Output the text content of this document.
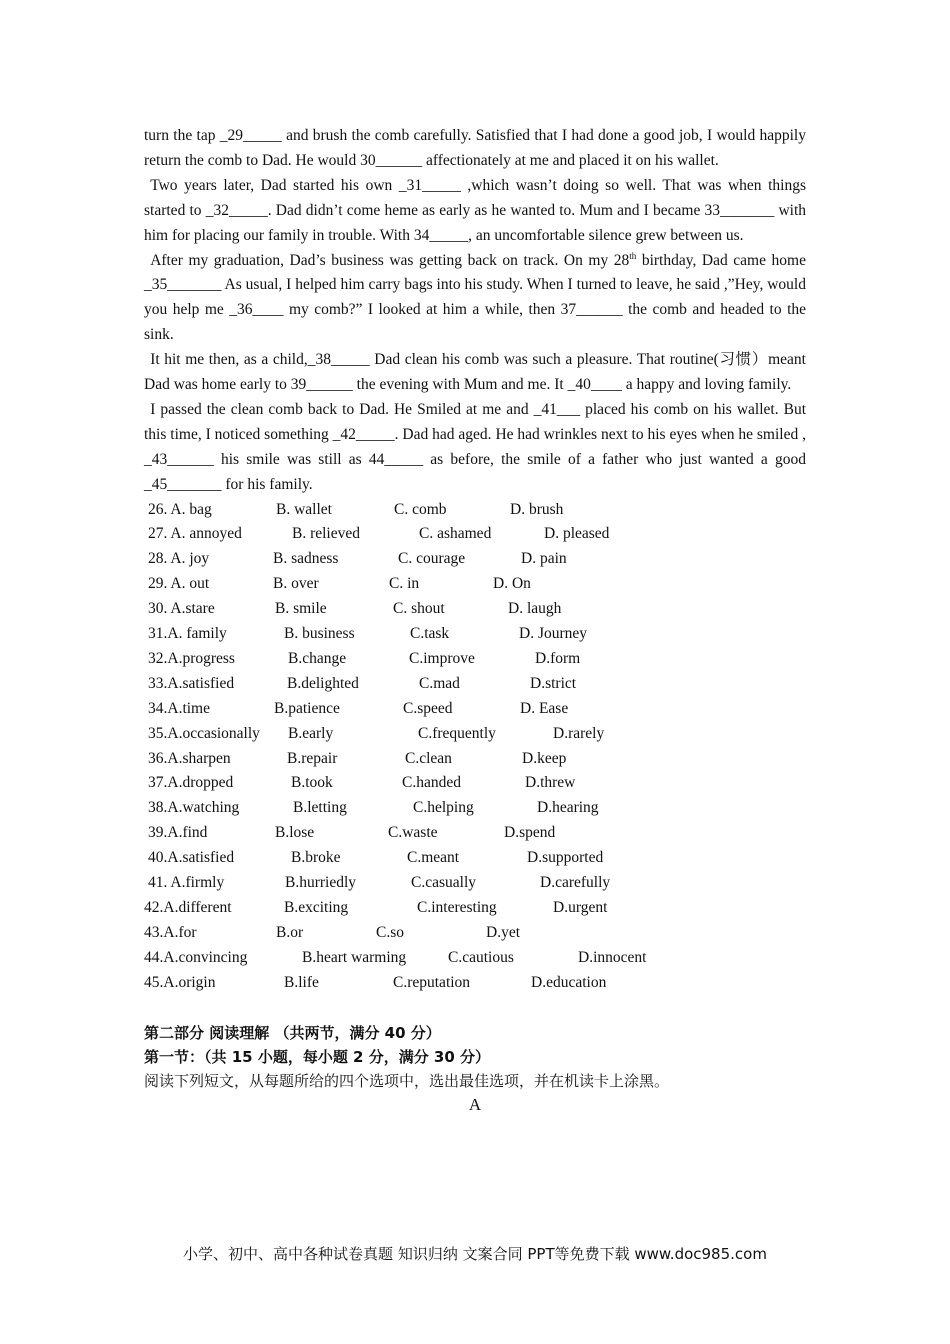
turn the tap _29_____ and brush the comb carefully. Satisfied that I had done a good job, I would happily return the comb to Dad. He would 30______ affectionately at me and placed it on his wallet.

Two years later, Dad started his own _31_____ ,which wasn’t doing so well. That was when things started to _32_____. Dad didn’t come heme as early as he wanted to. Mum and I became 33_______ with him for placing our family in trouble. With 34_____, an uncomfortable silence grew between us.

After my graduation, Dad’s business was getting back on track. On my 28th birthday, Dad came home _35_______ As usual, I helped him carry bags into his study. When I turned to leave, he said ,”Hey, would you help me _36____ my comb?” I looked at him a while, then 37______ the comb and headed to the sink.

It hit me then, as a child,_38_____ Dad clean his comb was such a pleasure. That routine(习惯）meant Dad was home early to 39______ the evening with Mum and me. It _40____ a happy and loving family.

I passed the clean comb back to Dad. He Smiled at me and _41___ placed his comb on his wallet. But this time, I noticed something _42_____. Dad had aged. He had wrinkles next to his eyes when he smiled , _43______ his smile was still as 44_____ as before, the smile of a father who just wanted a good _45_______ for his family.

26. A. bag	B. wallet	C. comb	D. brush
27. A. annoyed	B. relieved	C. ashamed	D. pleased
28. A. joy	B. sadness	C. courage	D. pain
29. A. out	B. over	C. in	D. On
30. A.stare	B. smile	C. shout	D. laugh
31.A. family	B. business	C.task	D. Journey
32.A.progress	B.change	C.improve	D.form
33.A.satisfied	B.delighted	C.mad	D.strict
34.A.time	B.patience	C.speed	D. Ease
35.A.occasionally B.early	C.frequently	D.rarely
36.A.sharpen	B.repair	C.clean	D.keep
37.A.dropped	B.took	C.handed	D.threw
38.A.watching	B.letting	C.helping	D.hearing
39.A.find	B.lose	C.waste	D.spend
40.A.satisfied	B.broke	C.meant	D.supported
41. A.firmly	B.hurriedly	C.casually	D.carefully
42.A.different	B.exciting	C.interesting	D.urgent
43.A.for	B.or	C.so	D.yet
44.A.convincing	B.heart warming	C.cautious	D.innocent
45.A.origin	B.life	C.reputation	D.education
第二部分 阅读理解 （共两节，满分 40 分）
第一节：（共 15 小题，每小题 2 分，满分 30 分）
阅读下列短文，从每题所给的四个选项中，选出最佳选项，并在机读卡上涂黑。
A
小学、初中、高中各种试卷真题 知识归纳 文案合同 PPT等免费下载 www.doc985.com
